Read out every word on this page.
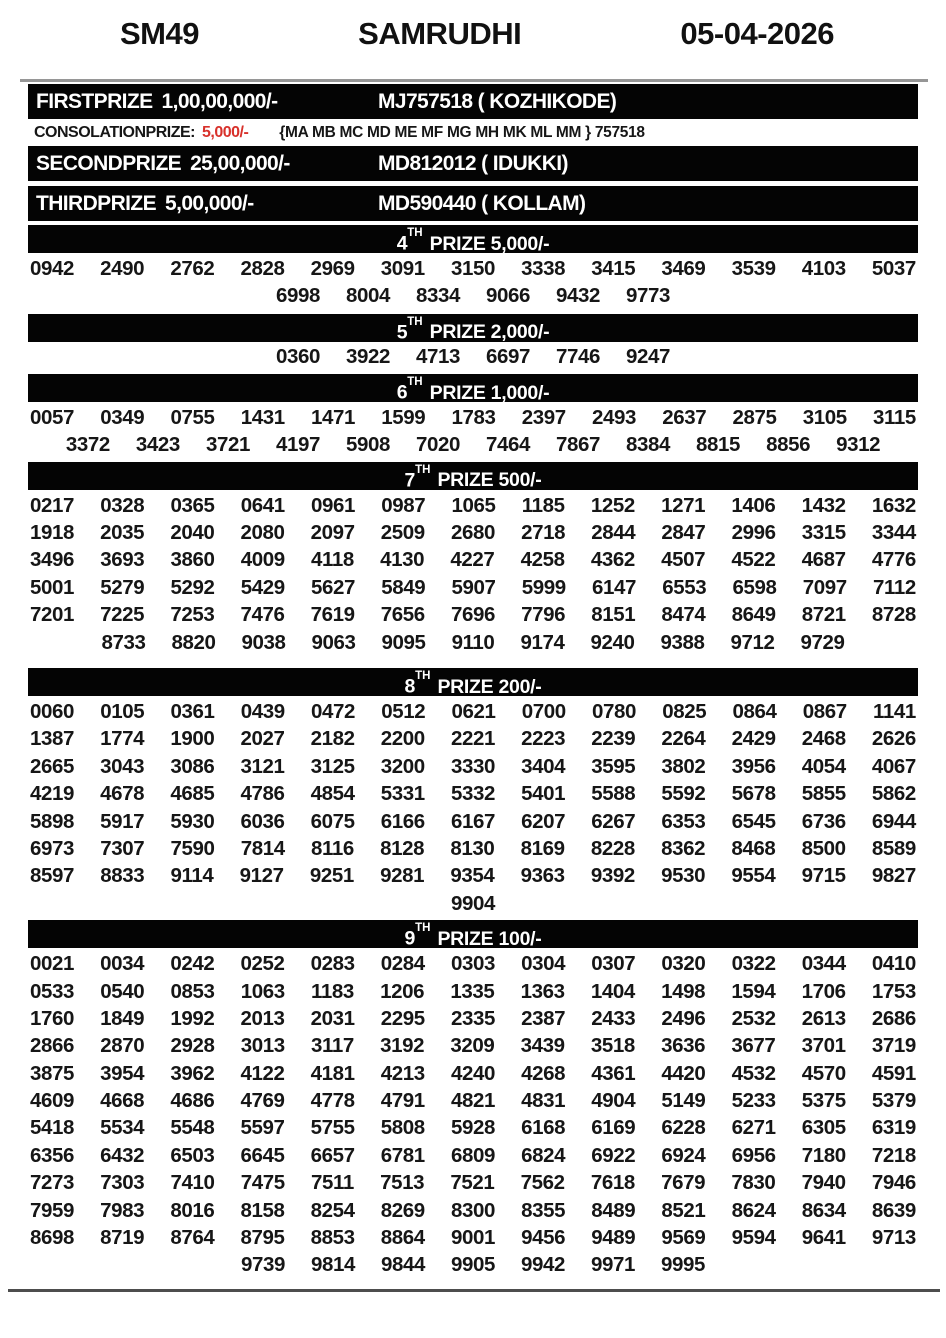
SM49	SAMRUDHI	05-04-2026
FIRSTPRIZE 1,00,00,000/-	MJ757518 ( KOZHIKODE)
CONSOLATIONPRIZE: 5,000/- {MA MB MC MD ME MF MG MH MK ML MM } 757518
SECONDPRIZE 25,00,000/-	MD812012 ( IDUKKI)
THIRDPRIZE 5,00,000/-	MD590440 ( KOLLAM)
4TH PRIZE 5,000/-
0942 2490 2762 2828 2969 3091 3150 3338 3415 3469 3539 4103 5037
6998 8004 8334 9066 9432 9773
5TH PRIZE 2,000/-
0360 3922 4713 6697 7746 9247
6TH PRIZE 1,000/-
0057 0349 0755 1431 1471 1599 1783 2397 2493 2637 2875 3105 3115
3372 3423 3721 4197 5908 7020 7464 7867 8384 8815 8856 9312
7TH PRIZE 500/-
0217 0328 0365 0641 0961 0987 1065 1185 1252 1271 1406 1432 1632
1918 2035 2040 2080 2097 2509 2680 2718 2844 2847 2996 3315 3344
3496 3693 3860 4009 4118 4130 4227 4258 4362 4507 4522 4687 4776
5001 5279 5292 5429 5627 5849 5907 5999 6147 6553 6598 7097 7112
7201 7225 7253 7476 7619 7656 7696 7796 8151 8474 8649 8721 8728
8733 8820 9038 9063 9095 9110 9174 9240 9388 9712 9729
8TH PRIZE 200/-
0060 0105 0361 0439 0472 0512 0621 0700 0780 0825 0864 0867 1141
1387 1774 1900 2027 2182 2200 2221 2223 2239 2264 2429 2468 2626
2665 3043 3086 3121 3125 3200 3330 3404 3595 3802 3956 4054 4067
4219 4678 4685 4786 4854 5331 5332 5401 5588 5592 5678 5855 5862
5898 5917 5930 6036 6075 6166 6167 6207 6267 6353 6545 6736 6944
6973 7307 7590 7814 8116 8128 8130 8169 8228 8362 8468 8500 8589
8597 8833 9114 9127 9251 9281 9354 9363 9392 9530 9554 9715 9827
9904
9TH PRIZE 100/-
0021 0034 0242 0252 0283 0284 0303 0304 0307 0320 0322 0344 0410
0533 0540 0853 1063 1183 1206 1335 1363 1404 1498 1594 1706 1753
1760 1849 1992 2013 2031 2295 2335 2387 2433 2496 2532 2613 2686
2866 2870 2928 3013 3117 3192 3209 3439 3518 3636 3677 3701 3719
3875 3954 3962 4122 4181 4213 4240 4268 4361 4420 4532 4570 4591
4609 4668 4686 4769 4778 4791 4821 4831 4904 5149 5233 5375 5379
5418 5534 5548 5597 5755 5808 5928 6168 6169 6228 6271 6305 6319
6356 6432 6503 6645 6657 6781 6809 6824 6922 6924 6956 7180 7218
7273 7303 7410 7475 7511 7513 7521 7562 7618 7679 7830 7940 7946
7959 7983 8016 8158 8254 8269 8300 8355 8489 8521 8624 8634 8639
8698 8719 8764 8795 8853 8864 9001 9456 9489 9569 9594 9641 9713
9739 9814 9844 9905 9942 9971 9995
